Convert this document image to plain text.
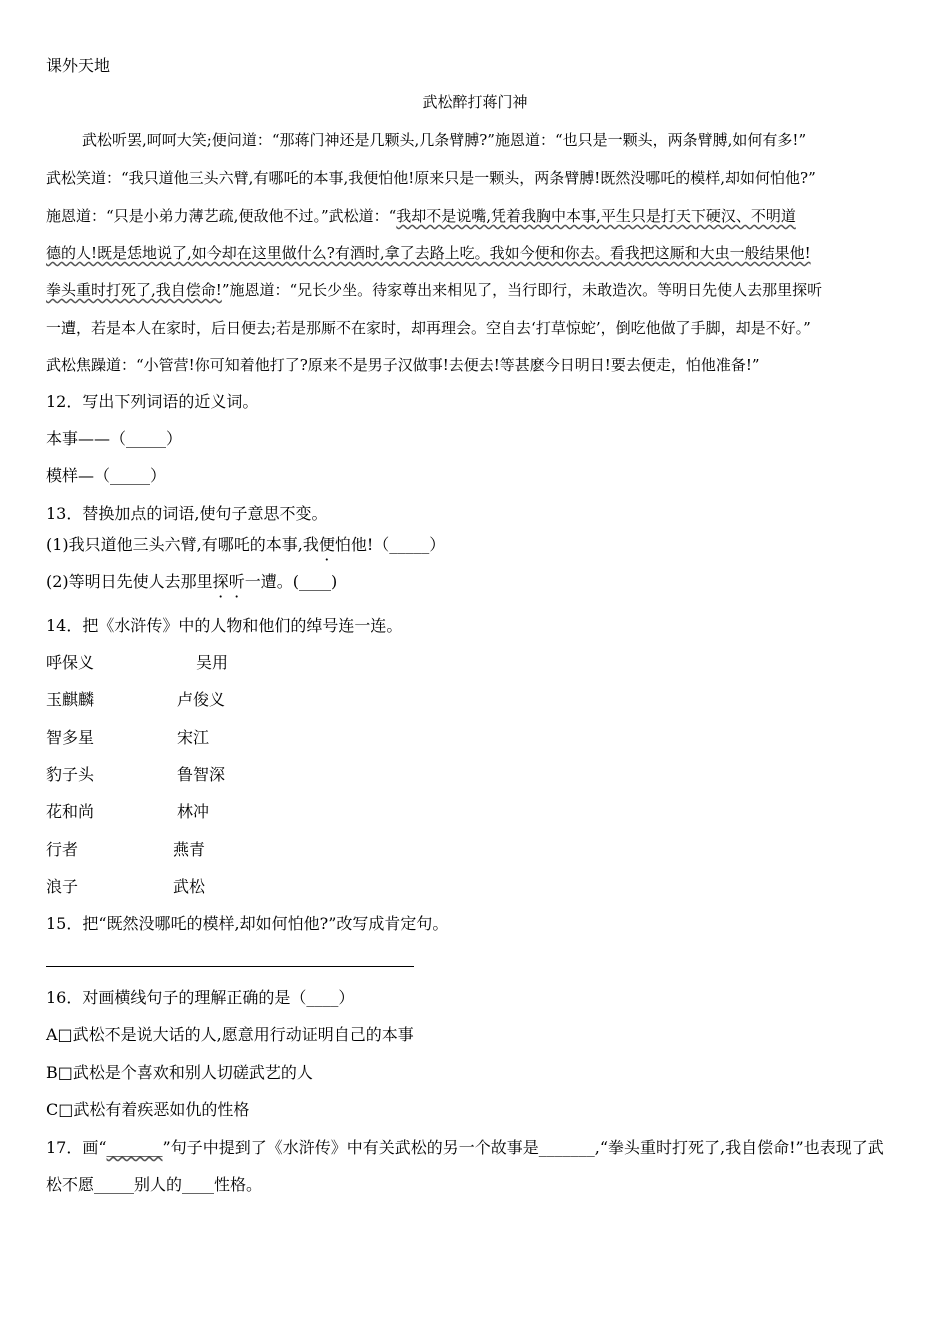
课外天地
武松醉打蒋门神
武松听罢,呵呵大笑;便问道：“那蒋门神还是几颗头,几条臂膊?”施恩道：“也只是一颗头，两条臂膊,如何有多!”
武松笑道：“我只道他三头六臂,有哪吒的本事,我便怕他!原来只是一颗头，两条臂膊!既然没哪吒的模样,却如何怕他?”
施恩道：“只是小弟力薄艺疏,便敌他不过。”武松道：“我却不是说嘴,凭着我胸中本事,平生只是打天下硬汉、不明道
德的人!既是恁地说了,如今却在这里做什么?有酒时,拿了去路上吃。我如今便和你去。看我把这厮和大虫一般结果他!
拳头重时打死了,我自偿命!”施恩道：“兄长少坐。待家尊出来相见了，当行即行，未敢造次。等明日先使人去那里探听
一遭，若是本人在家时，后日便去;若是那厮不在家时，却再理会。空自去‘打草惊蛇’，倒吃他做了手脚，却是不好。”
武松焦躁道：“小管营!你可知着他打了?原来不是男子汉做事!去便去!等甚麽今日明日!要去便走，怕他准备!”
12．写出下列词语的近义词。
本事——（_____）
模样—（_____）
13．替换加点的词语,使句子意思不变。
(1)我只道他三头六臂,有哪吒的本事,我便怕他!（_____）
(2)等明日先使人去那里探听一遭。(____)
14．把《水浒传》中的人物和他们的绰号连一连。
呼保义	吴用
玉麒麟	卢俊义
智多星	宋江
豹子头	鲁智深
花和尚	林冲
行者	燕青
浪子	武松
15．把“既然没哪吒的模样,却如何怕他?”改写成肯定句。
16．对画横线句子的理解正确的是（____）
A□武松不是说大话的人,愿意用行动证明自己的本事
B□武松是个喜欢和别人切磋武艺的人
C□武松有着疾恶如仇的性格
17．画“_______”句子中提到了《水浒传》中有关武松的另一个故事是_______,“拳头重时打死了,我自偿命!”也表现了武
松不愿_____别人的____性格。
